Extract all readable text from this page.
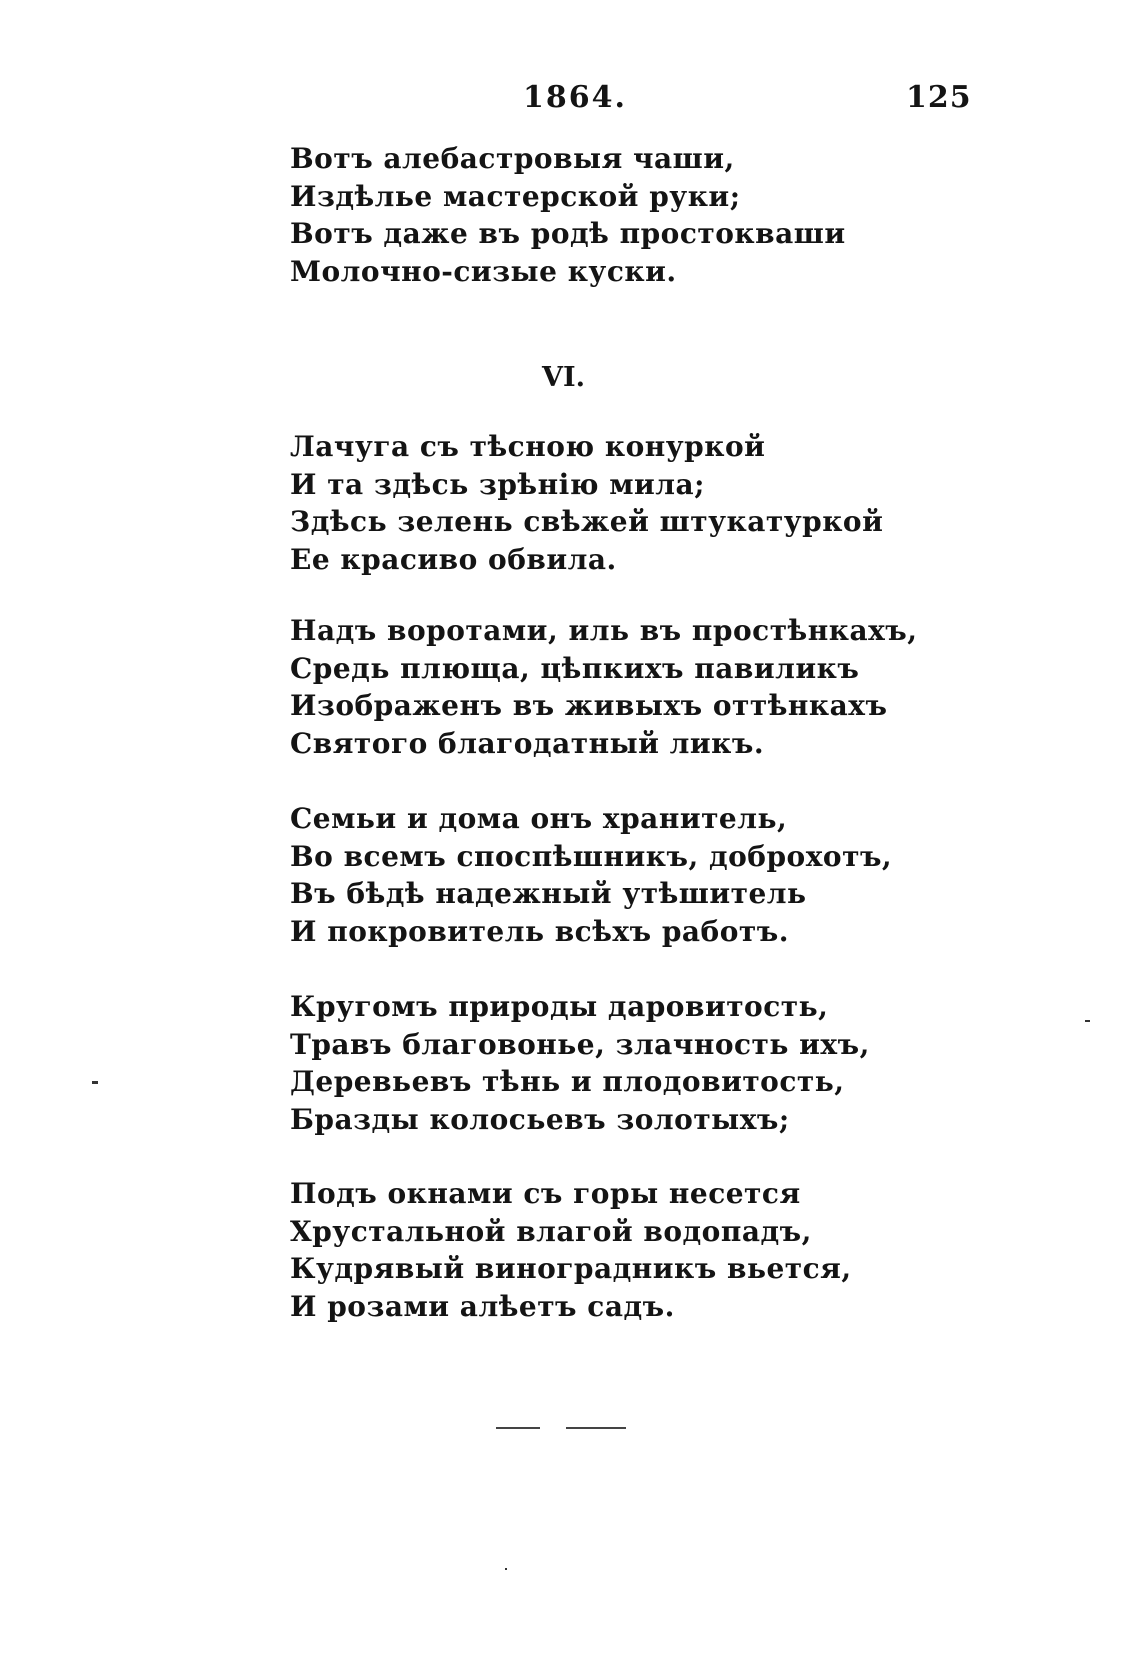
1864.	125
Вотъ алебастровыя чаши,
Издѣлье мастерской руки;
Вотъ даже въ родѣ простокваши
Молочно-сизые куски.
VI.
Лачуга съ тѣсною конуркой
И та здѣсь зрѣнію мила;
Здѣсь зелень свѣжей штукатуркой
Ее красиво обвила.
Надъ воротами, иль въ простѣнкахъ,
Средь плюща, цѣпкихъ павиликъ
Изображенъ въ живыхъ оттѣнкахъ
Святого благодатный ликъ.
Семьи и дома онъ хранитель,
Во всемъ споспѣшникъ, доброхотъ,
Въ бѣдѣ надежный утѣшитель
И покровитель всѣхъ работъ.
Кругомъ природы даровитость,
Травъ благовонье, злачность ихъ,
Деревьевъ тѣнь и плодовитость,
Бразды колосьевъ золотыхъ;
Подъ окнами съ горы несется
Хрустальной влагой водопадъ,
Кудрявый виноградникъ вьется,
И розами алѣетъ садъ.
